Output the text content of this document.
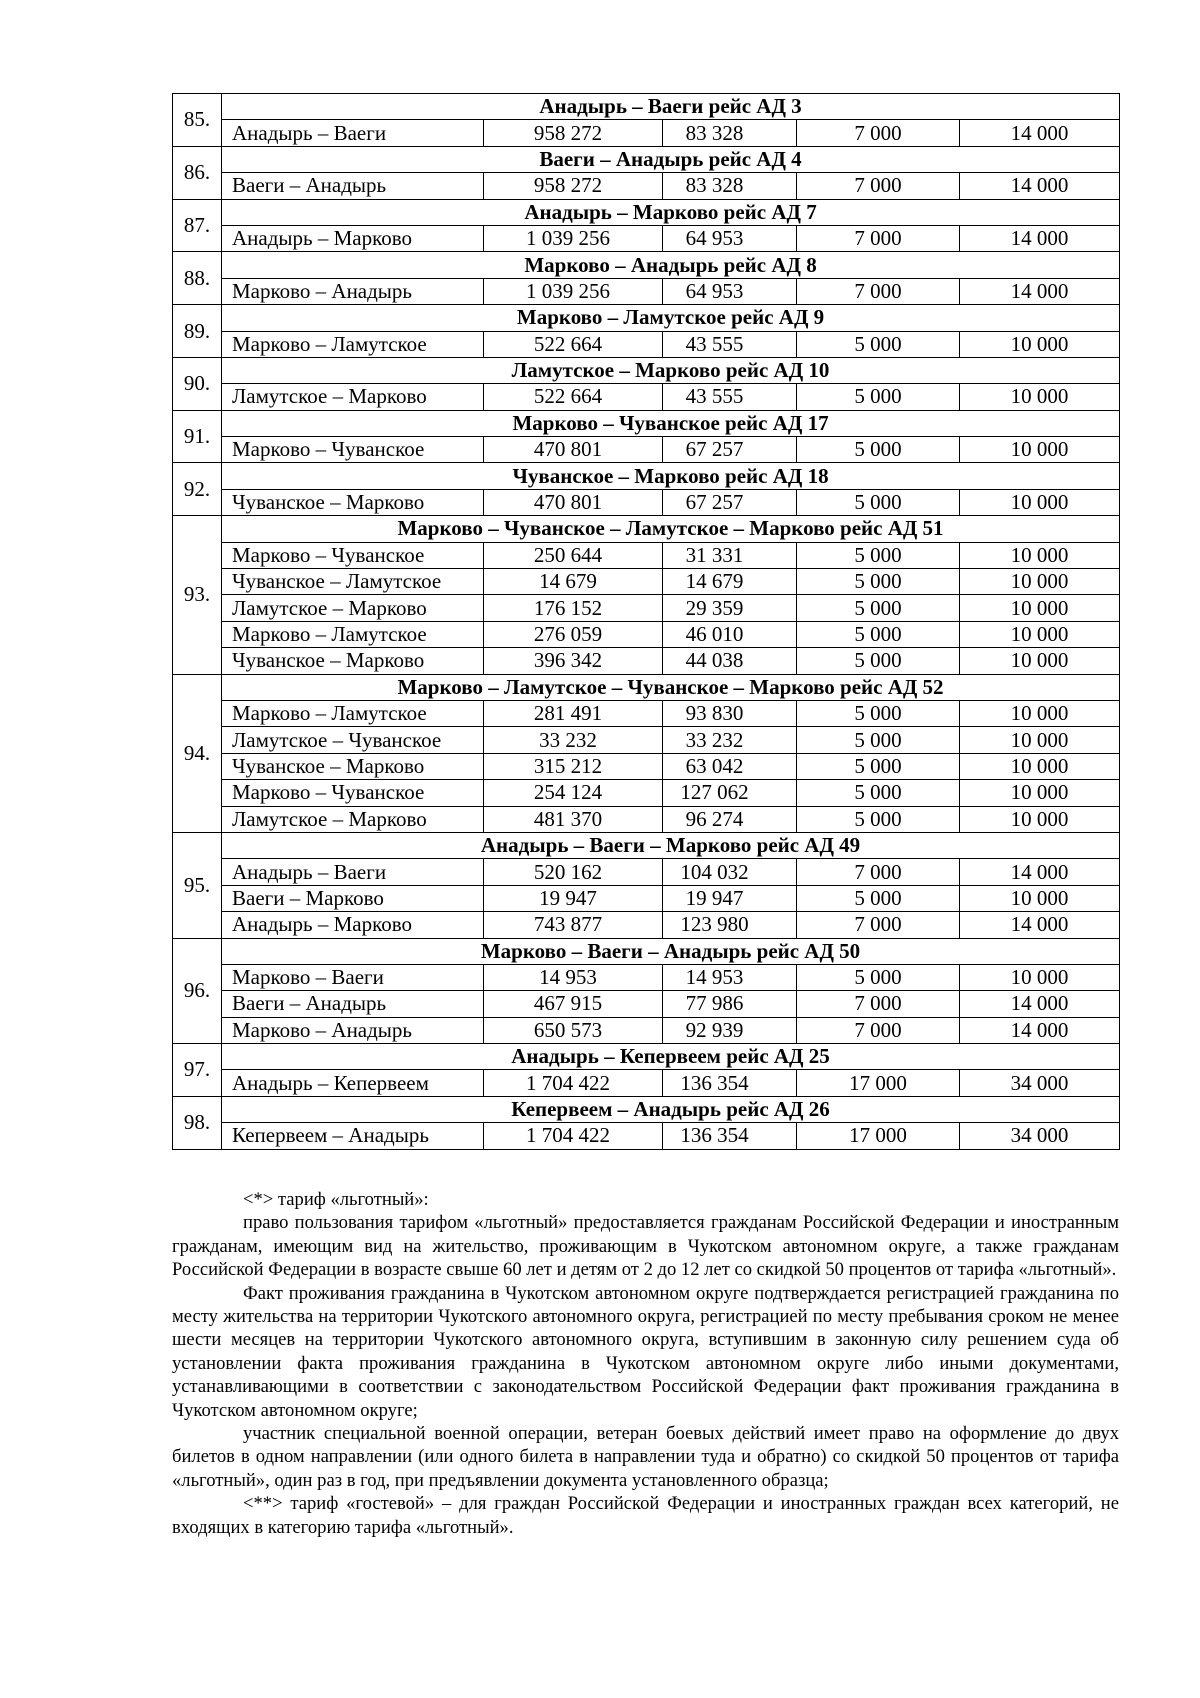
85.	Анадырь – Ваеги рейс АД 3				
	Анадырь – Ваеги	958 272	83 328	7 000	14 000
86.	Ваеги – Анадырь рейс АД 4				
	Ваеги – Анадырь	958 272	83 328	7 000	14 000
87.	Анадырь – Марково рейс АД 7				
	Анадырь – Марково	1 039 256	64 953	7 000	14 000
88.	Марково – Анадырь рейс АД 8				
	Марково – Анадырь	1 039 256	64 953	7 000	14 000
89.	Марково – Ламутское рейс АД 9				
	Марково – Ламутское	522 664	43 555	5 000	10 000
90.	Ламутское – Марково рейс АД 10				
	Ламутское – Марково	522 664	43 555	5 000	10 000
91.	Марково – Чуванское рейс АД 17				
	Марково – Чуванское	470 801	67 257	5 000	10 000
92.	Чуванское – Марково рейс АД 18				
	Чуванское – Марково	470 801	67 257	5 000	10 000
93.	Марково – Чуванское – Ламутское – Марково рейс АД 51				
	Марково – Чуванское	250 644	31 331	5 000	10 000
	Чуванское – Ламутское	14 679	14 679	5 000	10 000
	Ламутское – Марково	176 152	29 359	5 000	10 000
	Марково – Ламутское	276 059	46 010	5 000	10 000
	Чуванское – Марково	396 342	44 038	5 000	10 000
94.	Марково – Ламутское – Чуванское – Марково рейс АД 52				
	Марково – Ламутское	281 491	93 830	5 000	10 000
	Ламутское – Чуванское	33 232	33 232	5 000	10 000
	Чуванское – Марково	315 212	63 042	5 000	10 000
	Марково – Чуванское	254 124	127 062	5 000	10 000
	Ламутское – Марково	481 370	96 274	5 000	10 000
95.	Анадырь – Ваеги – Марково рейс АД 49				
	Анадырь – Ваеги	520 162	104 032	7 000	14 000
	Ваеги – Марково	19 947	19 947	5 000	10 000
	Анадырь – Марково	743 877	123 980	7 000	14 000
96.	Марково – Ваеги – Анадырь рейс АД 50				
	Марково – Ваеги	14 953	14 953	5 000	10 000
	Ваеги – Анадырь	467 915	77 986	7 000	14 000
	Марково – Анадырь	650 573	92 939	7 000	14 000
97.	Анадырь – Кепервеем рейс АД 25				
	Анадырь – Кепервеем	1 704 422	136 354	17 000	34 000
98.	Кепервеем – Анадырь рейс АД 26				
	Кепервеем – Анадырь	1 704 422	136 354	17 000	34 000

<*> тариф «льготный»:

право пользования тарифом «льготный» предоставляется гражданам Российской Федерации и иностранным гражданам, имеющим вид на жительство, проживающим в Чукотском автономном округе, а также гражданам Российской Федерации в возрасте свыше 60 лет и детям от 2 до 12 лет со скидкой 50 процентов от тарифа «льготный».

Факт проживания гражданина в Чукотском автономном округе подтверждается регистрацией гражданина по месту жительства на территории Чукотского автономного округа, регистрацией по месту пребывания сроком не менее шести месяцев на территории Чукотского автономного округа, вступившим в законную силу решением суда об установлении факта проживания гражданина в Чукотском автономном округе либо иными документами, устанавливающими в соответствии с законодательством Российской Федерации факт проживания гражданина в Чукотском автономном округе;

участник специальной военной операции, ветеран боевых действий имеет право на оформление до двух билетов в одном направлении (или одного билета в направлении туда и обратно) со скидкой 50 процентов от тарифа «льготный», один раз в год, при предъявлении документа установленного образца;

<**> тариф «гостевой» – для граждан Российской Федерации и иностранных граждан всех категорий, не входящих в категорию тарифа «льготный».
